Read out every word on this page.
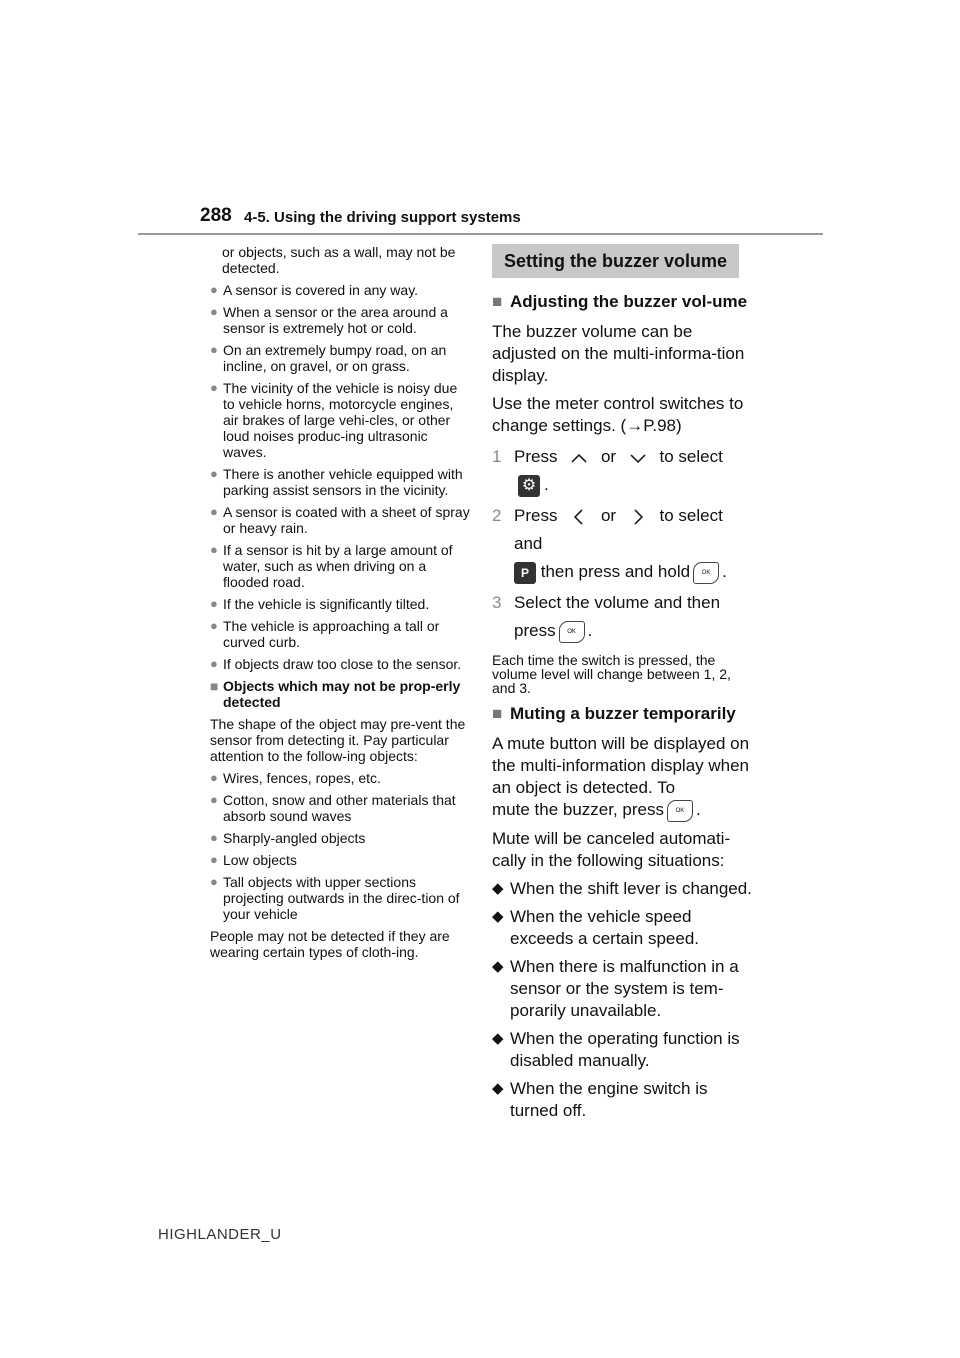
288 4-5. Using the driving support systems
or objects, such as a wall, may not be detected.
● A sensor is covered in any way.
● When a sensor or the area around a sensor is extremely hot or cold.
● On an extremely bumpy road, on an incline, on gravel, or on grass.
● The vicinity of the vehicle is noisy due to vehicle horns, motorcycle engines, air brakes of large vehi-cles, or other loud noises produc-ing ultrasonic waves.
● There is another vehicle equipped with parking assist sensors in the vicinity.
● A sensor is coated with a sheet of spray or heavy rain.
● If a sensor is hit by a large amount of water, such as when driving on a flooded road.
● If the vehicle is significantly tilted.
● The vehicle is approaching a tall or curved curb.
● If objects draw too close to the sensor.
■ Objects which may not be prop-erly detected
The shape of the object may pre-vent the sensor from detecting it. Pay particular attention to the follow-ing objects:
● Wires, fences, ropes, etc.
● Cotton, snow and other materials that absorb sound waves
● Sharply-angled objects
● Low objects
● Tall objects with upper sections projecting outwards in the direc-tion of your vehicle
People may not be detected if they are wearing certain types of cloth-ing.
Setting the buzzer volume
■ Adjusting the buzzer vol-ume
The buzzer volume can be adjusted on the multi-informa-tion display.
Use the meter control switches to change settings. (→P.98)
1 Press	or	to select⚙ .
2 Press	or	to select and
P then press and hold OK .
3 Select the volume and then
press OK .
Each time the switch is pressed, the volume level will change between 1, 2, and 3.
■ Muting a buzzer temporarily
A mute button will be displayed on the multi-information display when an object is detected. To
mute the buzzer, press OK .
Mute will be canceled automati-cally in the following situations:
◆ When the shift lever is changed.
◆ When the vehicle speed exceeds a certain speed.
◆ When there is malfunction in a sensor or the system is tem-porarily unavailable.
◆ When the operating function is disabled manually.
◆ When the engine switch is turned off.
HIGHLANDER_U
